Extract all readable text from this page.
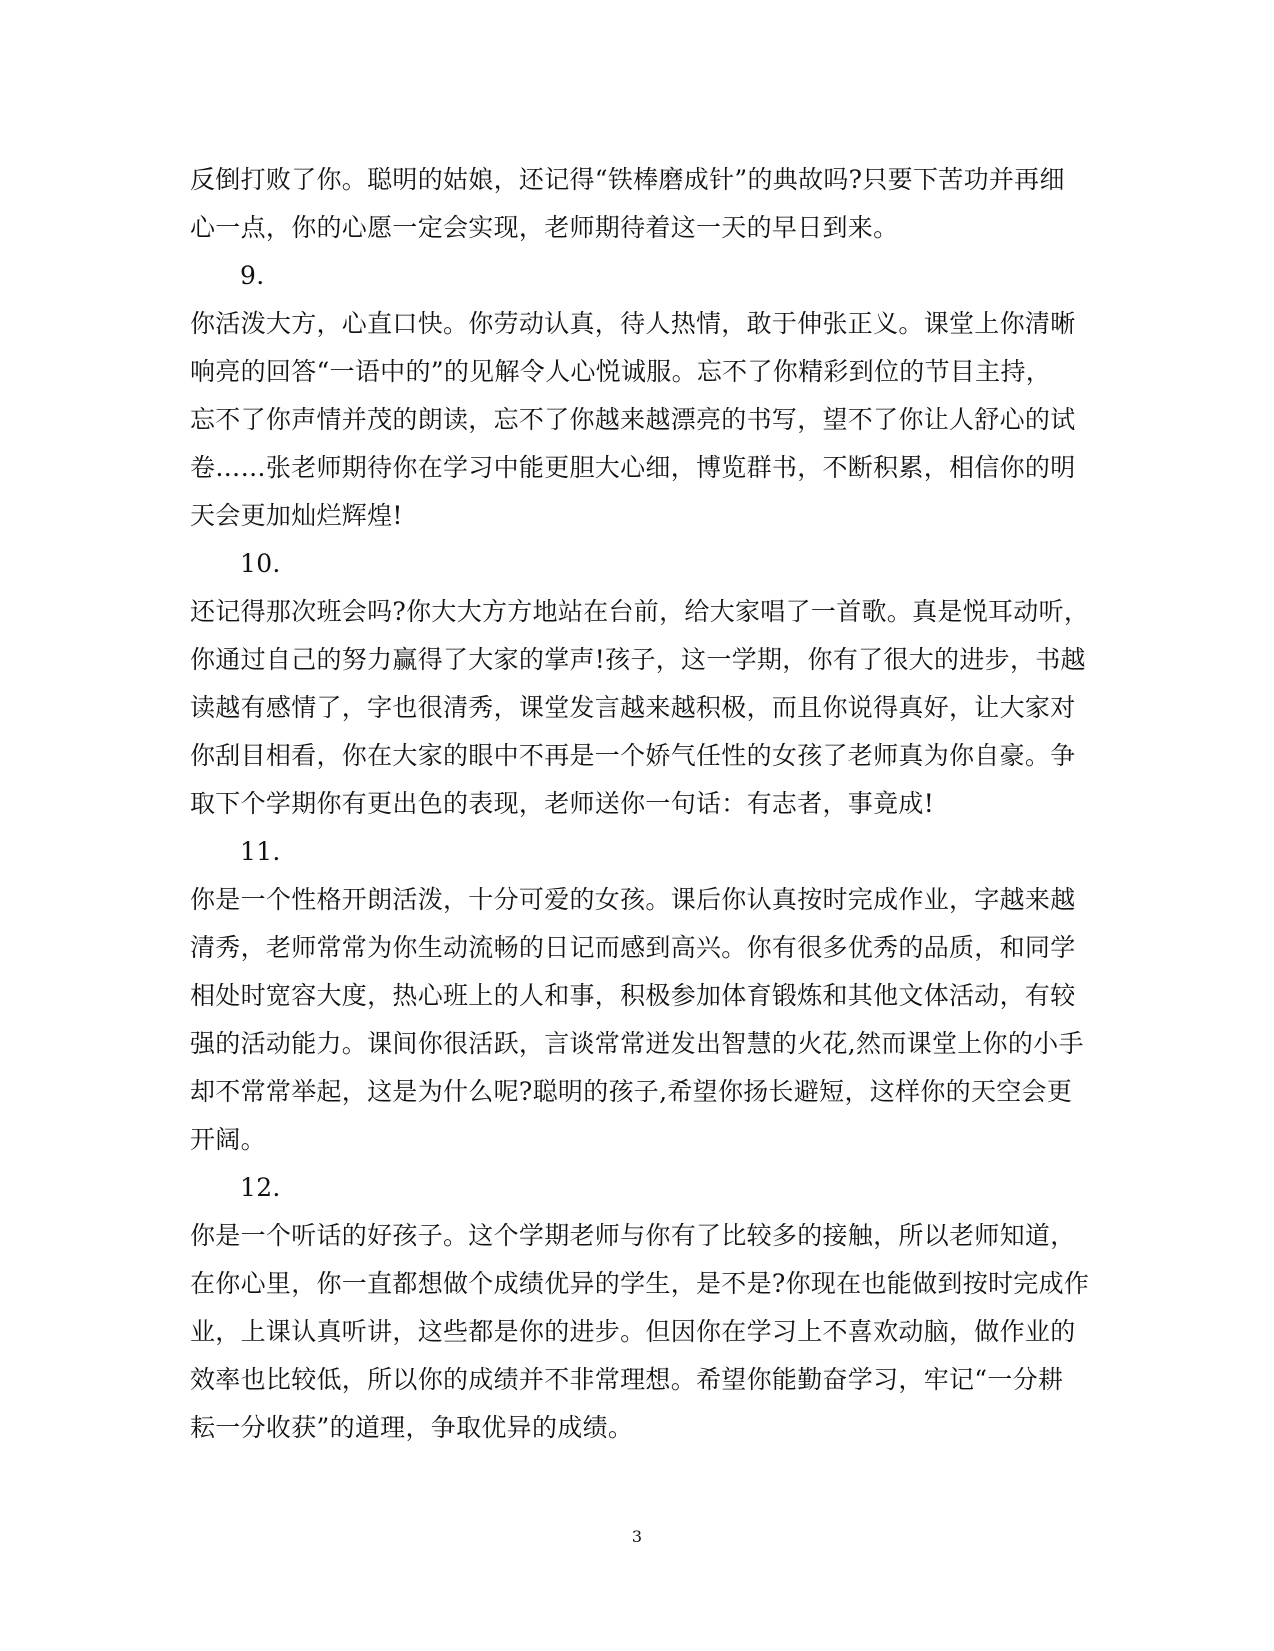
反倒打败了你。聪明的姑娘，还记得“铁棒磨成针”的典故吗?只要下苦功并再细
心一点，你的心愿一定会实现，老师期待着这一天的早日到来。
9.
你活泼大方，心直口快。你劳动认真，待人热情，敢于伸张正义。课堂上你清晰
响亮的回答“一语中的”的见解令人心悦诚服。忘不了你精彩到位的节目主持，
忘不了你声情并茂的朗读，忘不了你越来越漂亮的书写，望不了你让人舒心的试
卷……张老师期待你在学习中能更胆大心细，博览群书，不断积累，相信你的明
天会更加灿烂辉煌!
10.
还记得那次班会吗?你大大方方地站在台前，给大家唱了一首歌。真是悦耳动听，
你通过自己的努力赢得了大家的掌声!孩子，这一学期，你有了很大的进步，书越
读越有感情了，字也很清秀，课堂发言越来越积极，而且你说得真好，让大家对
你刮目相看，你在大家的眼中不再是一个娇气任性的女孩了老师真为你自豪。争
取下个学期你有更出色的表现，老师送你一句话：有志者，事竟成!
11.
你是一个性格开朗活泼，十分可爱的女孩。课后你认真按时完成作业，字越来越
清秀，老师常常为你生动流畅的日记而感到高兴。你有很多优秀的品质，和同学
相处时宽容大度，热心班上的人和事，积极参加体育锻炼和其他文体活动，有较
强的活动能力。课间你很活跃，言谈常常迸发出智慧的火花,然而课堂上你的小手
却不常常举起，这是为什么呢?聪明的孩子,希望你扬长避短，这样你的天空会更
开阔。
12.
你是一个听话的好孩子。这个学期老师与你有了比较多的接触，所以老师知道，
在你心里，你一直都想做个成绩优异的学生，是不是?你现在也能做到按时完成作
业，上课认真听讲，这些都是你的进步。但因你在学习上不喜欢动脑，做作业的
效率也比较低，所以你的成绩并不非常理想。希望你能勤奋学习，牢记“一分耕
耘一分收获”的道理，争取优异的成绩。
3
